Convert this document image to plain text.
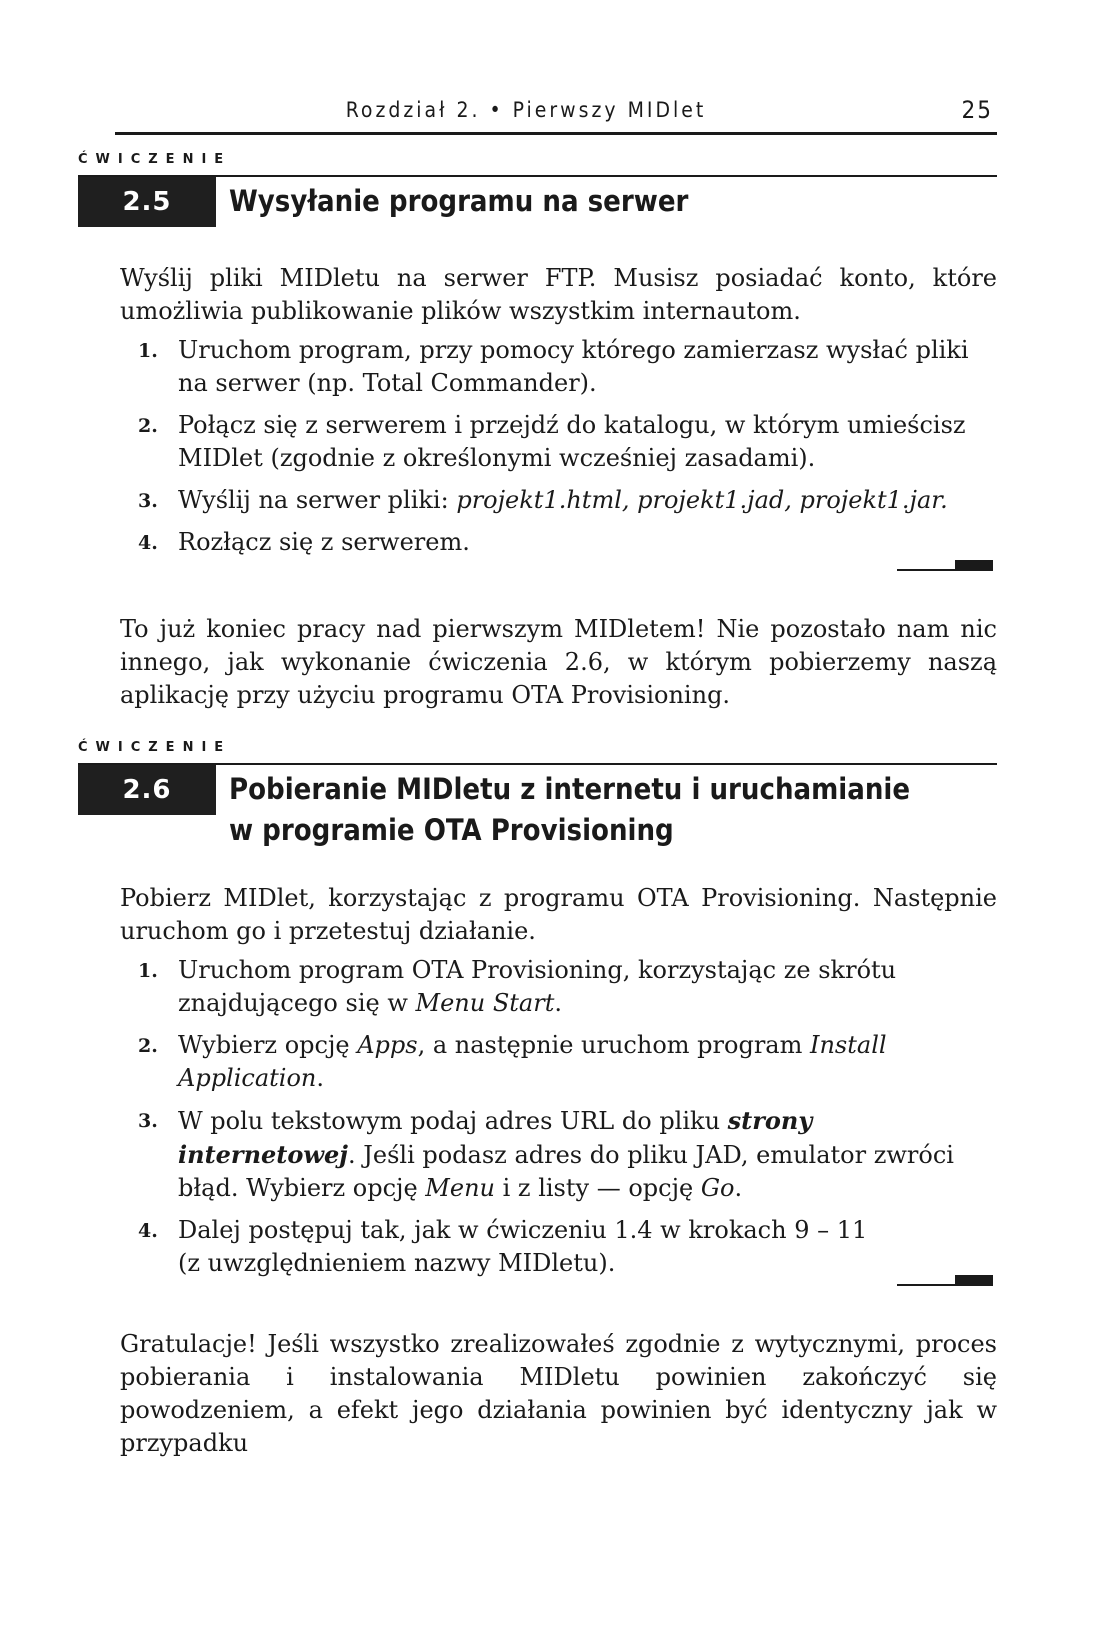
Rozdział 2. • Pierwszy MIDlet	25
ĆWICZENIE
2.5	Wysyłanie programu na serwer
Wyślij pliki MIDletu na serwer FTP. Musisz posiadać konto, które umożliwia publikowanie plików wszystkim internautom.
1. Uruchom program, przy pomocy którego zamierzasz wysłać pliki na serwer (np. Total Commander).
2. Połącz się z serwerem i przejdź do katalogu, w którym umieścisz MIDlet (zgodnie z określonymi wcześniej zasadami).
3. Wyślij na serwer pliki: projekt1.html, projekt1.jad, projekt1.jar.
4. Rozłącz się z serwerem.
To już koniec pracy nad pierwszym MIDletem! Nie pozostało nam nic innego, jak wykonanie ćwiczenia 2.6, w którym pobierzemy naszą aplikację przy użyciu programu OTA Provisioning.
ĆWICZENIE
2.6	Pobieranie MIDletu z internetu i uruchamianie
w programie OTA Provisioning
Pobierz MIDlet, korzystając z programu OTA Provisioning. Następnie uruchom go i przetestuj działanie.
1. Uruchom program OTA Provisioning, korzystając ze skrótu znajdującego się w Menu Start.
2. Wybierz opcję Apps, a następnie uruchom program Install Application.
3. W polu tekstowym podaj adres URL do pliku strony internetowej. Jeśli podasz adres do pliku JAD, emulator zwróci błąd. Wybierz opcję Menu i z listy — opcję Go.
4. Dalej postępuj tak, jak w ćwiczeniu 1.4 w krokach 9 – 11
(z uwzględnieniem nazwy MIDletu).
Gratulacje! Jeśli wszystko zrealizowałeś zgodnie z wytycznymi, proces pobierania i instalowania MIDletu powinien zakończyć się powodzeniem, a efekt jego działania powinien być identyczny jak w przypadku
